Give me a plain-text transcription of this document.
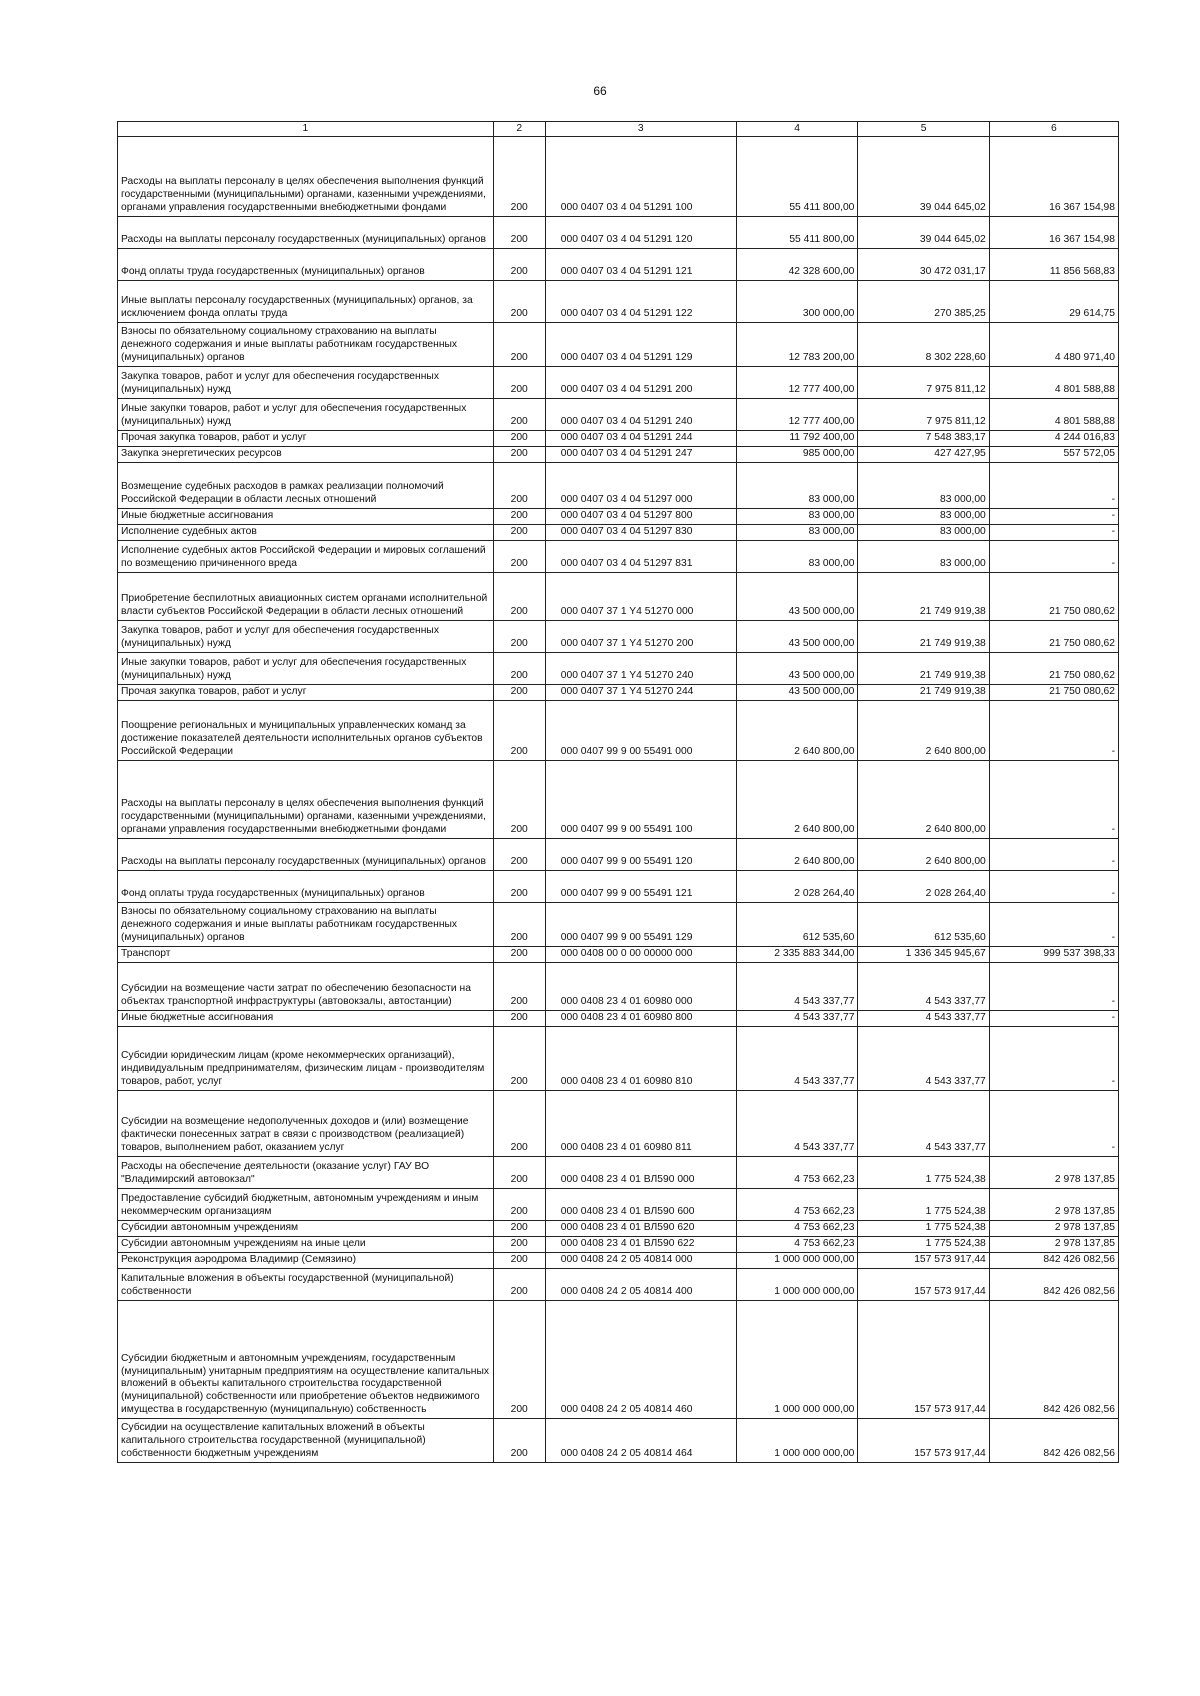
66
1	2	3	4	5	6
Расходы на выплаты персоналу в целях обеспечения выполнения функций государственными (муниципальными) органами, казенными учреждениями, органами управления государственными внебюджетными фондами	200	000 0407 03 4 04 51291 100	55 411 800,00	39 044 645,02	16 367 154,98
Расходы на выплаты персоналу государственных (муниципальных) органов	200	000 0407 03 4 04 51291 120	55 411 800,00	39 044 645,02	16 367 154,98
Фонд оплаты труда государственных (муниципальных) органов	200	000 0407 03 4 04 51291 121	42 328 600,00	30 472 031,17	11 856 568,83
Иные выплаты персоналу государственных (муниципальных) органов, за исключением фонда оплаты труда	200	000 0407 03 4 04 51291 122	300 000,00	270 385,25	29 614,75
Взносы по обязательному социальному страхованию на выплаты денежного содержания и иные выплаты работникам государственных (муниципальных) органов	200	000 0407 03 4 04 51291 129	12 783 200,00	8 302 228,60	4 480 971,40
Закупка товаров, работ и услуг для обеспечения государственных (муниципальных) нужд	200	000 0407 03 4 04 51291 200	12 777 400,00	7 975 811,12	4 801 588,88
Иные закупки товаров, работ и услуг для обеспечения государственных (муниципальных) нужд	200	000 0407 03 4 04 51291 240	12 777 400,00	7 975 811,12	4 801 588,88
Прочая закупка товаров, работ и услуг	200	000 0407 03 4 04 51291 244	11 792 400,00	7 548 383,17	4 244 016,83
Закупка энергетических ресурсов	200	000 0407 03 4 04 51291 247	985 000,00	427 427,95	557 572,05
Возмещение судебных расходов в рамках реализации полномочий Российской Федерации в области лесных отношений	200	000 0407 03 4 04 51297 000	83 000,00	83 000,00	-
Иные бюджетные ассигнования	200	000 0407 03 4 04 51297 800	83 000,00	83 000,00	-
Исполнение судебных актов	200	000 0407 03 4 04 51297 830	83 000,00	83 000,00	-
Исполнение судебных актов Российской Федерации и мировых соглашений по возмещению причиненного вреда	200	000 0407 03 4 04 51297 831	83 000,00	83 000,00	-
Приобретение беспилотных авиационных систем органами исполнительной власти субъектов Российской Федерации в области лесных отношений	200	000 0407 37 1 Y4 51270 000	43 500 000,00	21 749 919,38	21 750 080,62
Закупка товаров, работ и услуг для обеспечения государственных (муниципальных) нужд	200	000 0407 37 1 Y4 51270 200	43 500 000,00	21 749 919,38	21 750 080,62
Иные закупки товаров, работ и услуг для обеспечения государственных (муниципальных) нужд	200	000 0407 37 1 Y4 51270 240	43 500 000,00	21 749 919,38	21 750 080,62
Прочая закупка товаров, работ и услуг	200	000 0407 37 1 Y4 51270 244	43 500 000,00	21 749 919,38	21 750 080,62
Поощрение региональных и муниципальных управленческих команд за достижение показателей деятельности исполнительных органов субъектов Российской Федерации	200	000 0407 99 9 00 55491 000	2 640 800,00	2 640 800,00	-
Расходы на выплаты персоналу в целях обеспечения выполнения функций государственными (муниципальными) органами, казенными учреждениями, органами управления государственными внебюджетными фондами	200	000 0407 99 9 00 55491 100	2 640 800,00	2 640 800,00	-
Расходы на выплаты персоналу государственных (муниципальных) органов	200	000 0407 99 9 00 55491 120	2 640 800,00	2 640 800,00	-
Фонд оплаты труда государственных (муниципальных) органов	200	000 0407 99 9 00 55491 121	2 028 264,40	2 028 264,40	-
Взносы по обязательному социальному страхованию на выплаты денежного содержания и иные выплаты работникам государственных (муниципальных) органов	200	000 0407 99 9 00 55491 129	612 535,60	612 535,60	-
Транспорт	200	000 0408 00 0 00 00000 000	2 335 883 344,00	1 336 345 945,67	999 537 398,33
Субсидии на возмещение части затрат по обеспечению безопасности на объектах транспортной инфраструктуры (автовокзалы, автостанции)	200	000 0408 23 4 01 60980 000	4 543 337,77	4 543 337,77	-
Иные бюджетные ассигнования	200	000 0408 23 4 01 60980 800	4 543 337,77	4 543 337,77	-
Субсидии юридическим лицам (кроме некоммерческих организаций), индивидуальным предпринимателям, физическим лицам - производителям товаров, работ, услуг	200	000 0408 23 4 01 60980 810	4 543 337,77	4 543 337,77	-
Субсидии на возмещение недополученных доходов и (или) возмещение фактически понесенных затрат в связи с производством (реализацией) товаров, выполнением работ, оказанием услуг	200	000 0408 23 4 01 60980 811	4 543 337,77	4 543 337,77	-
Расходы на обеспечение деятельности (оказание услуг) ГАУ ВО "Владимирский автовокзал"	200	000 0408 23 4 01 ВЛ590 000	4 753 662,23	1 775 524,38	2 978 137,85
Предоставление субсидий бюджетным, автономным учреждениям и иным некоммерческим организациям	200	000 0408 23 4 01 ВЛ590 600	4 753 662,23	1 775 524,38	2 978 137,85
Субсидии автономным учреждениям	200	000 0408 23 4 01 ВЛ590 620	4 753 662,23	1 775 524,38	2 978 137,85
Субсидии автономным учреждениям на иные цели	200	000 0408 23 4 01 ВЛ590 622	4 753 662,23	1 775 524,38	2 978 137,85
Реконструкция аэродрома Владимир (Семязино)	200	000 0408 24 2 05 40814 000	1 000 000 000,00	157 573 917,44	842 426 082,56
Капитальные вложения в объекты государственной (муниципальной) собственности	200	000 0408 24 2 05 40814 400	1 000 000 000,00	157 573 917,44	842 426 082,56
Субсидии бюджетным и автономным учреждениям, государственным (муниципальным) унитарным предприятиям на осуществление капитальных вложений в объекты капитального строительства государственной (муниципальной) собственности или приобретение объектов недвижимого имущества в государственную (муниципальную) собственность	200	000 0408 24 2 05 40814 460	1 000 000 000,00	157 573 917,44	842 426 082,56
Субсидии на осуществление капитальных вложений в объекты капитального строительства государственной (муниципальной) собственности бюджетным учреждениям	200	000 0408 24 2 05 40814 464	1 000 000 000,00	157 573 917,44	842 426 082,56
